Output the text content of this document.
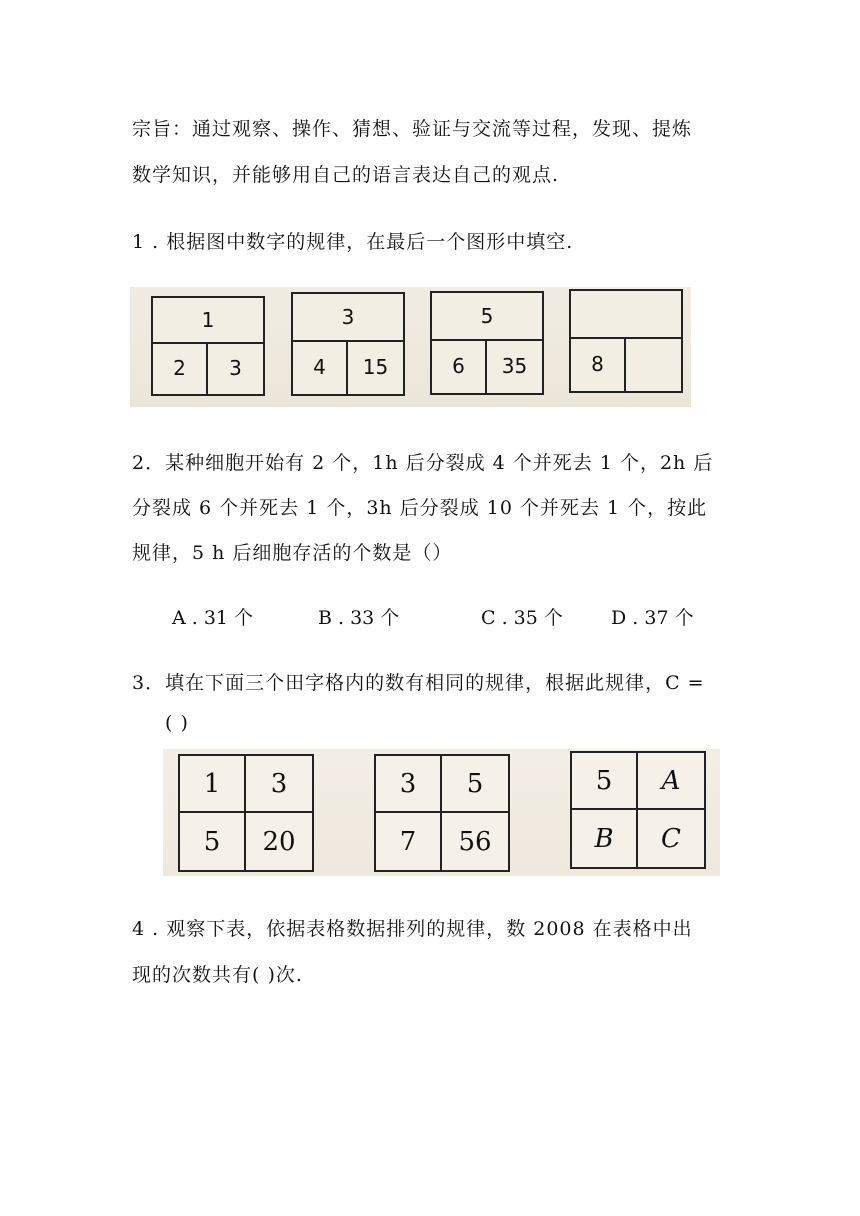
宗旨：通过观察、操作、猜想、验证与交流等过程，发现、提炼
数学知识，并能够用自己的语言表达自己的观点.
1 . 根据图中数字的规律，在最后一个图形中填空.
1
2	3
3
4	15
5
6	35	8
2．某种细胞开始有 2 个，1h 后分裂成 4 个并死去 1 个，2h 后
分裂成 6 个并死去 1 个，3h 后分裂成 10 个并死去 1 个，按此
规律，5 h 后细胞存活的个数是（）
A . 31 个	B . 33 个	C . 35 个	D . 37 个
3．填在下面三个田字格内的数有相同的规律，根据此规律，C =
( )
1	3
5	20
3	5
7	56
5	A
B	C
4 . 观察下表，依据表格数据排列的规律，数 2008 在表格中出
现的次数共有( )次.
